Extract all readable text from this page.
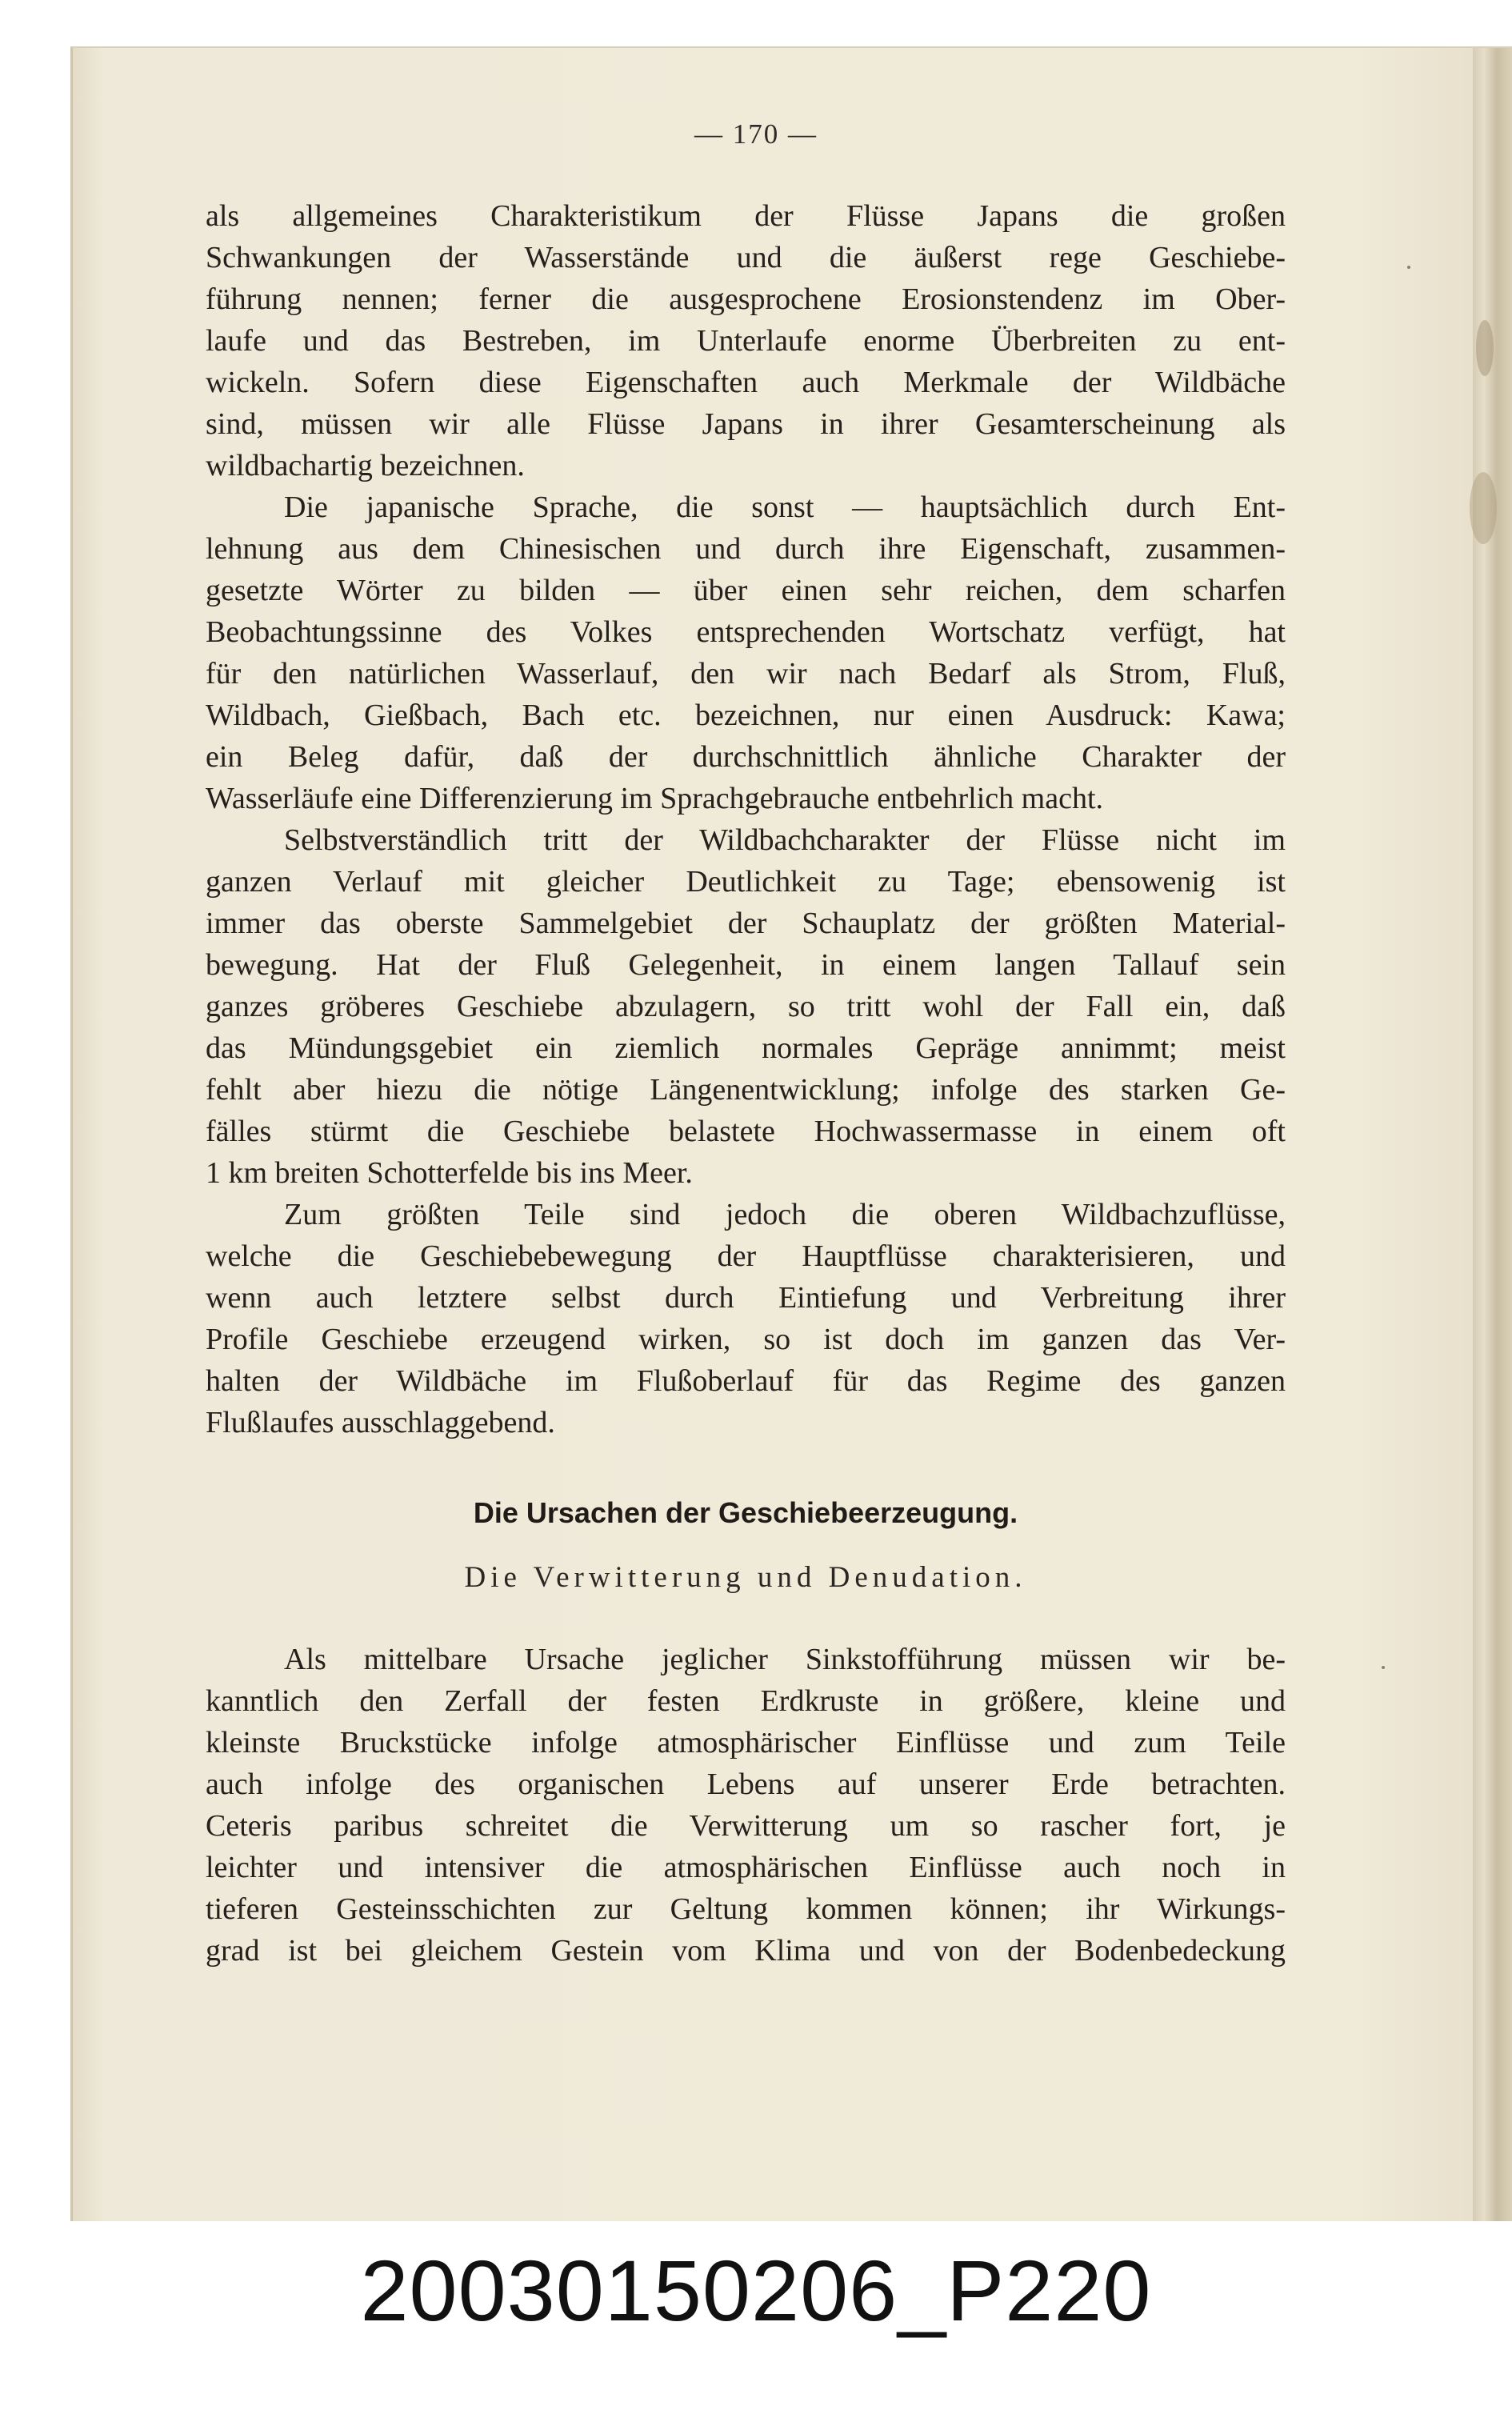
— 170 —

als allgemeines Charakteristikum der Flüsse Japans die großen
Schwankungen der Wasserstände und die äußerst rege Geschiebe-
führung nennen; ferner die ausgesprochene Erosionstendenz im Ober-
laufe und das Bestreben, im Unterlaufe enorme Überbreiten zu ent-
wickeln. Sofern diese Eigenschaften auch Merkmale der Wildbäche
sind, müssen wir alle Flüsse Japans in ihrer Gesamterscheinung als
wildbachartig bezeichnen.

Die japanische Sprache, die sonst — hauptsächlich durch Ent-
lehnung aus dem Chinesischen und durch ihre Eigenschaft, zusammen-
gesetzte Wörter zu bilden — über einen sehr reichen, dem scharfen
Beobachtungssinne des Volkes entsprechenden Wortschatz verfügt, hat
für den natürlichen Wasserlauf, den wir nach Bedarf als Strom, Fluß,
Wildbach, Gießbach, Bach etc. bezeichnen, nur einen Ausdruck: Kawa;
ein Beleg dafür, daß der durchschnittlich ähnliche Charakter der
Wasserläufe eine Differenzierung im Sprachgebrauche entbehrlich macht.

Selbstverständlich tritt der Wildbachcharakter der Flüsse nicht im
ganzen Verlauf mit gleicher Deutlichkeit zu Tage; ebensowenig ist
immer das oberste Sammelgebiet der Schauplatz der größten Material-
bewegung. Hat der Fluß Gelegenheit, in einem langen Tallauf sein
ganzes gröberes Geschiebe abzulagern, so tritt wohl der Fall ein, daß
das Mündungsgebiet ein ziemlich normales Gepräge annimmt; meist
fehlt aber hiezu die nötige Längenentwicklung; infolge des starken Ge-
fälles stürmt die Geschiebe belastete Hochwassermasse in einem oft
1 km breiten Schotterfelde bis ins Meer.

Zum größten Teile sind jedoch die oberen Wildbachzuflüsse,
welche die Geschiebebewegung der Hauptflüsse charakterisieren, und
wenn auch letztere selbst durch Eintiefung und Verbreitung ihrer
Profile Geschiebe erzeugend wirken, so ist doch im ganzen das Ver-
halten der Wildbäche im Flußoberlauf für das Regime des ganzen
Flußlaufes ausschlaggebend.

Die Ursachen der Geschiebeerzeugung.
Die Verwitterung und Denudation.

Als mittelbare Ursache jeglicher Sinkstofführung müssen wir be-
kanntlich den Zerfall der festen Erdkruste in größere, kleine und
kleinste Bruckstücke infolge atmosphärischer Einflüsse und zum Teile
auch infolge des organischen Lebens auf unserer Erde betrachten.
Ceteris paribus schreitet die Verwitterung um so rascher fort, je
leichter und intensiver die atmosphärischen Einflüsse auch noch in
tieferen Gesteinsschichten zur Geltung kommen können; ihr Wirkungs-
grad ist bei gleichem Gestein vom Klima und von der Bodenbedeckung

20030150206_P220
